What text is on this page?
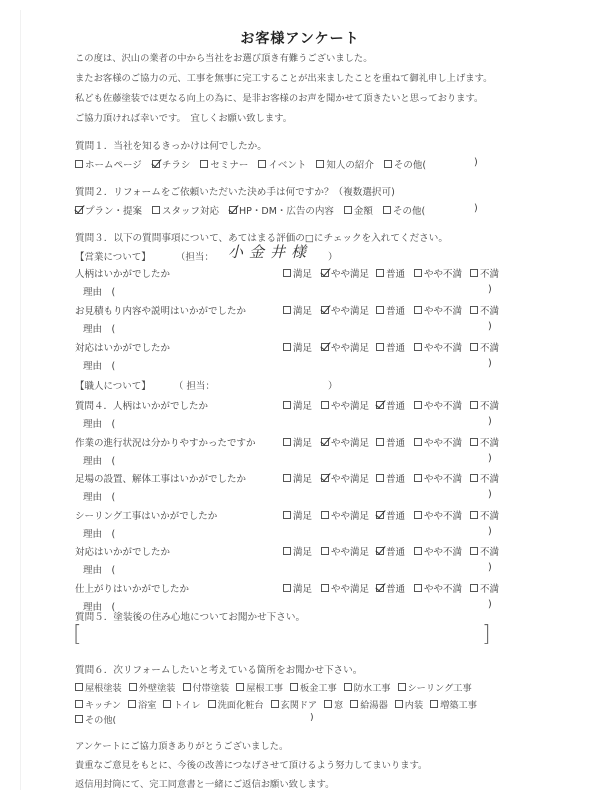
お客様アンケート
この度は、沢山の業者の中から当社をお選び頂き有難うございました。
またお客様のご協力の元、工事を無事に完工することが出来ましたことを重ねて御礼申し上げます。
私ども佐藤塗装では更なる向上の為に、是非お客様のお声を聞かせて頂きたいと思っております。
ご協力頂ければ幸いです。　宜しくお願い致します。
質問１．当社を知るきっかけは何でしたか。
ホームページ チラシ セミナー イベント 知人の紹介 その他(	)
質問２．リフォームをご依頼いただいた決め手は何ですか？（複数選択可)
プラン・提案 スタッフ対応 HP・DM・広告の内容 金額 その他(	)
質問３．以下の質問事項について、あてはまる評価の□にチェックを入れてください。
【営業について】	（担当： 小金井様 ）
人柄はいかがでしたか	満足 やや満足 普通 やや不満 不満
理由　(	)
お見積もり内容や説明はいかがでしたか	満足 やや満足 普通 やや不満 不満
理由　(	)
対応はいかがでしたか	満足 やや満足 普通 やや不満 不満
理由　(	)
【職人について】 （ 担当：	）
質問４．人柄はいかがでしたか	満足 やや満足 普通 やや不満 不満
理由　(	)
作業の進行状況は分かりやすかったですか	満足 やや満足 普通 やや不満 不満
理由　(	)
足場の設置、解体工事はいかがでしたか	満足 やや満足 普通 やや不満 不満
理由　(	)
シーリング工事はいかがでしたか	満足 やや満足 普通 やや不満 不満
理由　(	)
対応はいかがでしたか	満足 やや満足 普通 やや不満 不満
理由　(	)
仕上がりはいかがでしたか	満足 やや満足 普通 やや不満 不満
理由　(	)
質問５．塗装後の住み心地についてお聞かせ下さい。
[	]
質問６．次リフォームしたいと考えている箇所をお聞かせ下さい。
屋根塗装 外壁塗装 付帯塗装 屋根工事 板金工事 防水工事 シーリング工事
キッチン 浴室 トイレ 洗面化粧台 玄関ドア 窓 給湯器 内装 増築工事
その他(	)
アンケートにご協力頂きありがとうございました。
貴重なご意見をもとに、今後の改善につなげさせて頂けるよう努力してまいります。
返信用封筒にて、完工同意書と一緒にご返信お願い致します。
